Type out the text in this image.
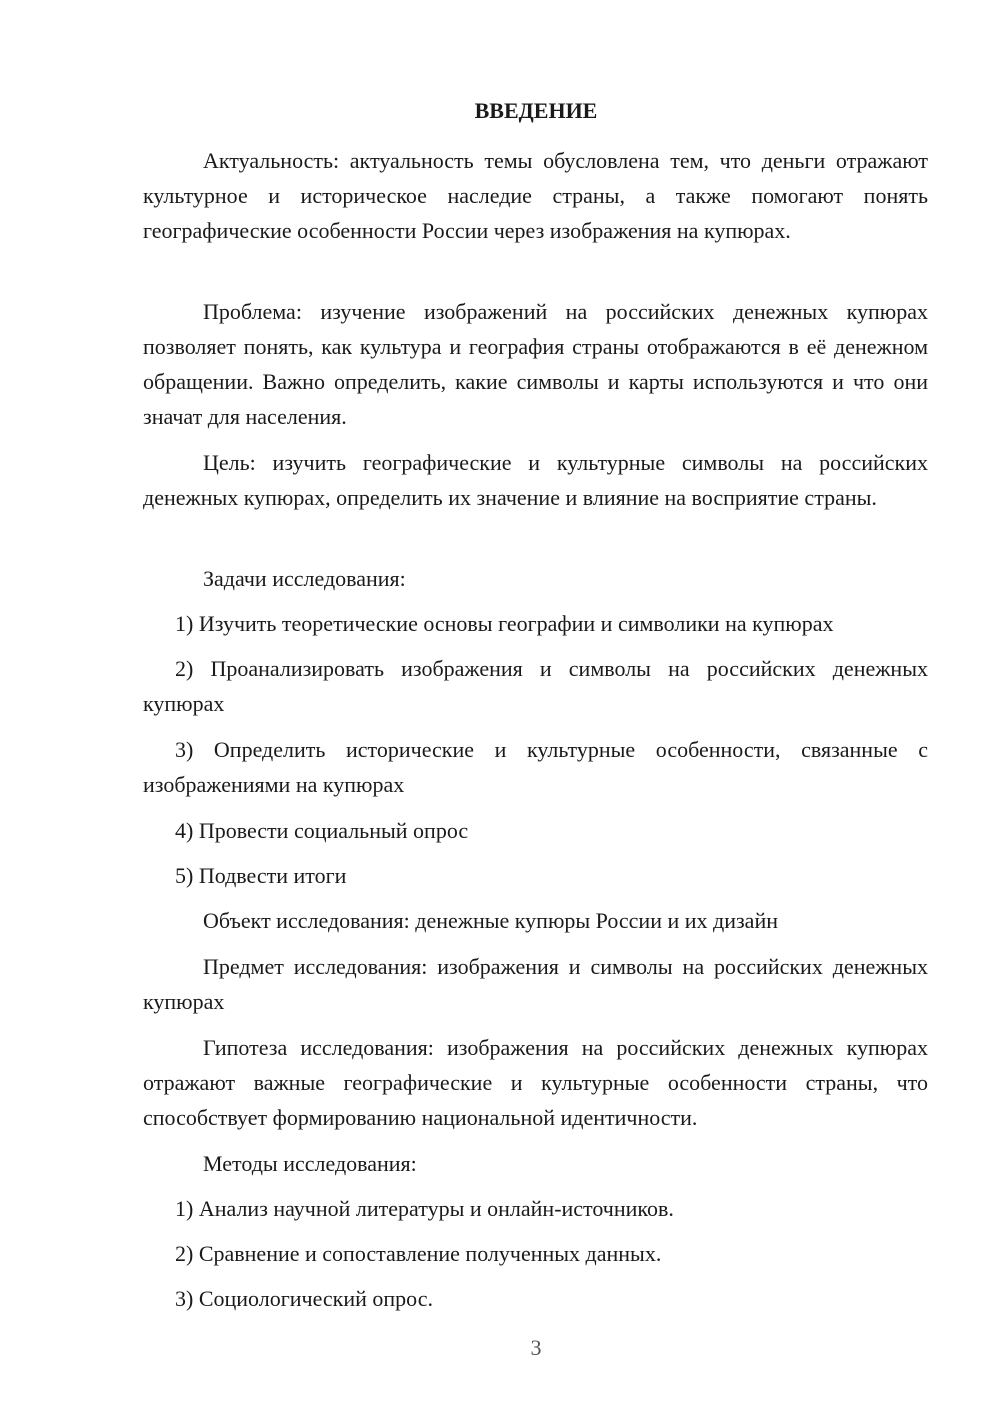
ВВЕДЕНИЕ
Актуальность: актуальность темы обусловлена тем, что деньги отражают культурное и историческое наследие страны, а также помогают понять географические особенности России через изображения на купюрах.
Проблема: изучение изображений на российских денежных купюрах позволяет понять, как культура и география страны отображаются в её денежном обращении. Важно определить, какие символы и карты используются и что они значат для населения.
Цель: изучить географические и культурные символы на российских денежных купюрах, определить их значение и влияние на восприятие страны.
Задачи исследования:
1) Изучить теоретические основы географии и символики на купюрах
2) Проанализировать изображения и символы на российских денежных купюрах
3) Определить исторические и культурные особенности, связанные с изображениями на купюрах
4) Провести социальный опрос
5) Подвести итоги
Объект исследования: денежные купюры России и их дизайн
Предмет исследования: изображения и символы на российских денежных купюрах
Гипотеза исследования: изображения на российских денежных купюрах отражают важные географические и культурные особенности страны, что способствует формированию национальной идентичности.
Методы исследования:
1) Анализ научной литературы и онлайн-источников.
2) Сравнение и сопоставление полученных данных.
3) Социологический опрос.
3
